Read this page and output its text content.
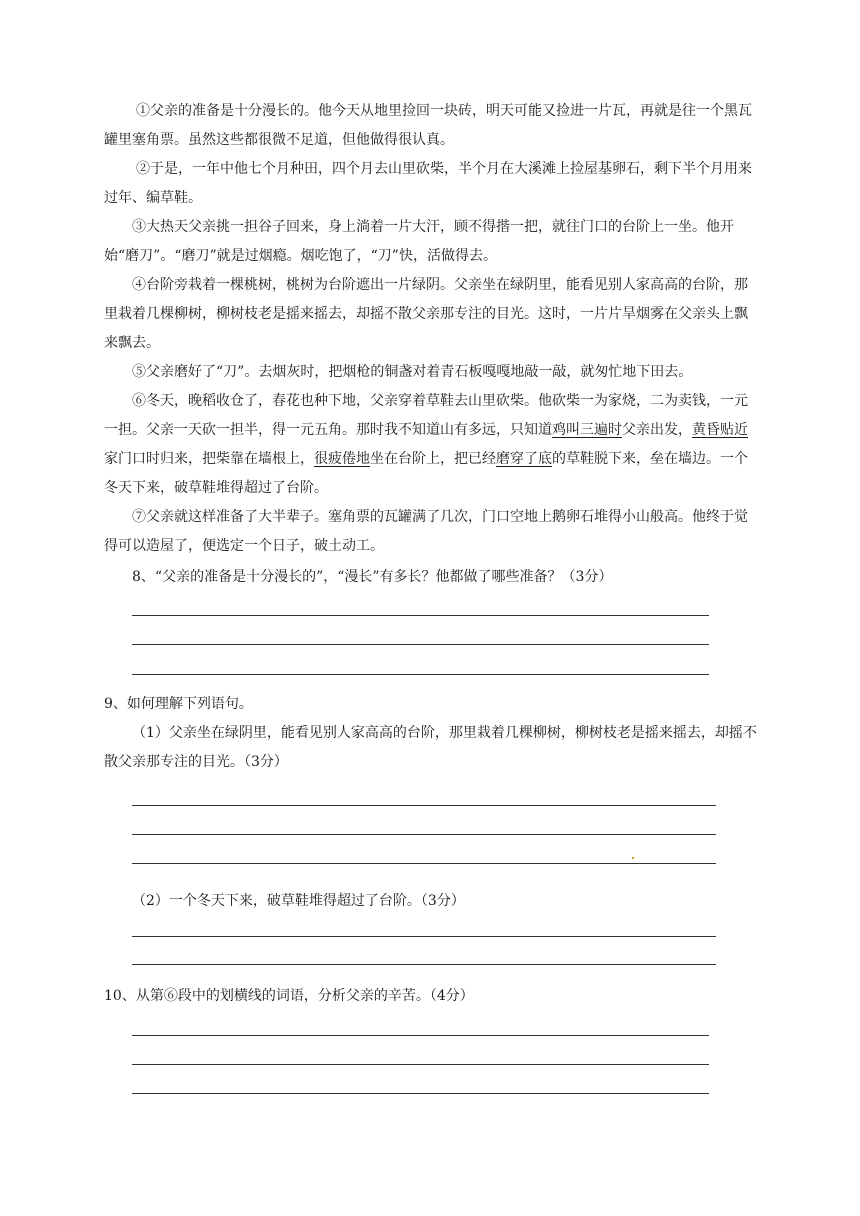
①父亲的准备是十分漫长的。他今天从地里捡回一块砖，明天可能又捡进一片瓦，再就是往一个黑瓦罐里塞角票。虽然这些都很微不足道，但他做得很认真。

②于是，一年中他七个月种田，四个月去山里砍柴，半个月在大溪滩上捡屋基卵石，剩下半个月用来过年、编草鞋。

③大热天父亲挑一担谷子回来，身上淌着一片大汗，顾不得揩一把，就往门口的台阶上一坐。他开始“磨刀”。“磨刀”就是过烟瘾。烟吃饱了，“刀”快，活做得去。

④台阶旁栽着一棵桃树，桃树为台阶遮出一片绿阴。父亲坐在绿阴里，能看见别人家高高的台阶，那里栽着几棵柳树，柳树枝老是摇来摇去，却摇不散父亲那专注的目光。这时，一片片旱烟雾在父亲头上飘来飘去。

⑤父亲磨好了“刀”。去烟灰时，把烟枪的铜盏对着青石板嘎嘎地敲一敲，就匆忙地下田去。

⑥冬天，晚稻收仓了，春花也种下地，父亲穿着草鞋去山里砍柴。他砍柴一为家烧，二为卖钱，一元一担。父亲一天砍一担半，得一元五角。那时我不知道山有多远，只知道鸡叫三遍时父亲出发，黄昏贴近家门口时归来，把柴靠在墙根上，很疲倦地坐在台阶上，把已经磨穿了底的草鞋脱下来，垒在墙边。一个冬天下来，破草鞋堆得超过了台阶。

⑦父亲就这样准备了大半辈子。塞角票的瓦罐满了几次，门口空地上鹅卵石堆得小山般高。他终于觉得可以造屋了，便选定一个日子，破土动工。

8、“父亲的准备是十分漫长的”，“漫长”有多长？他都做了哪些准备？（3分）

9、如何理解下列语句。

（1）父亲坐在绿阴里，能看见别人家高高的台阶，那里栽着几棵柳树，柳树枝老是摇来摇去，却摇不散父亲那专注的目光。（3分）

（2）一个冬天下来，破草鞋堆得超过了台阶。（3分）

10、从第⑥段中的划横线的词语，分析父亲的辛苦。（4分）
